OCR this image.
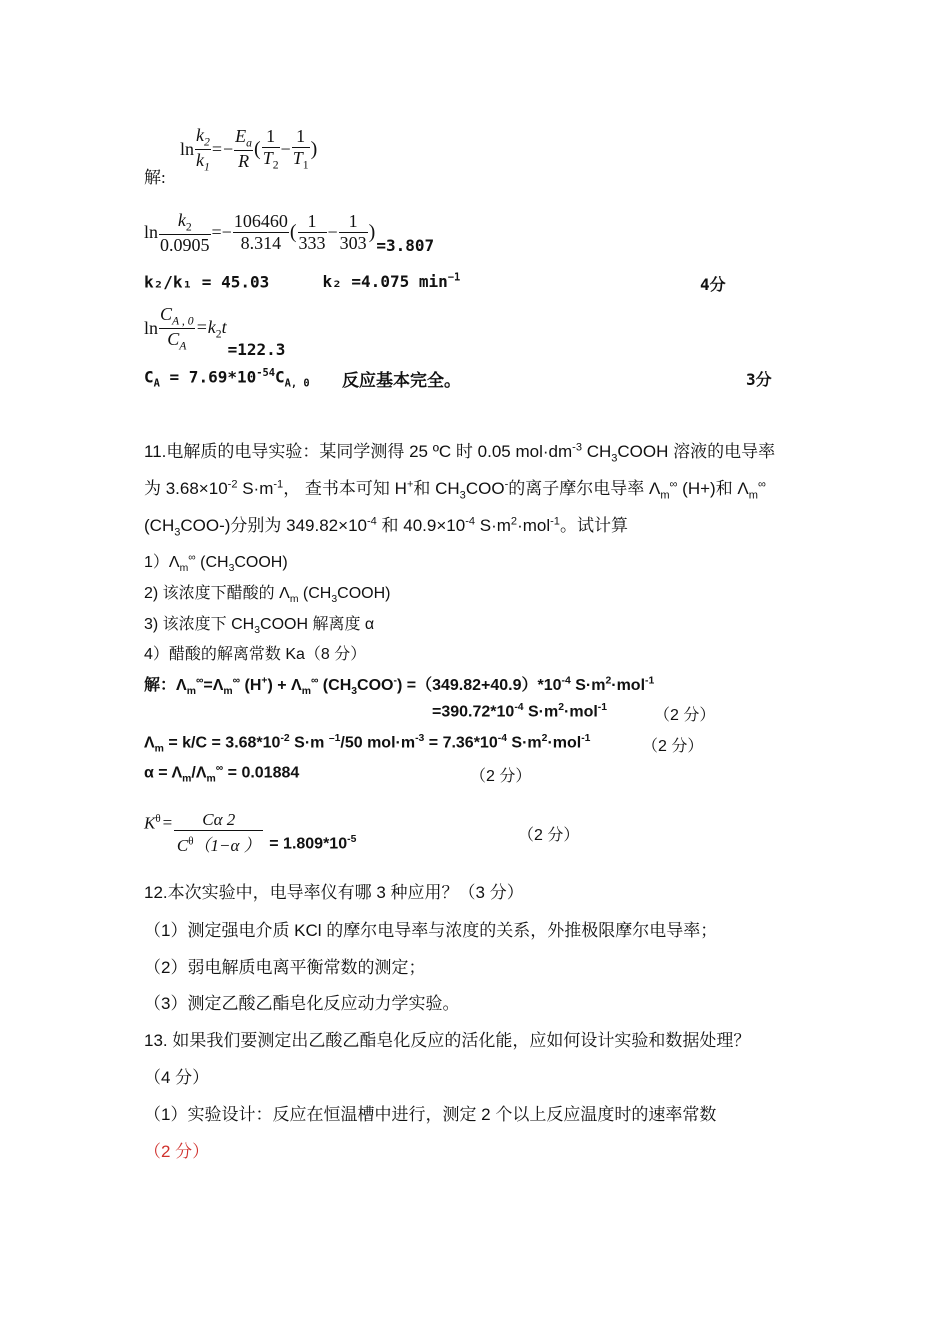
解:
$\ln \frac{k_2}{k_1}$ = − $\frac{E_a}{R}$ ( $\frac{1}{T_2} - \frac{1}{T_1}$ )
$\ln \frac{k_2}{0.0905} =- \frac{106460}{8.314}$ ( $\frac{1}{333} - \frac{1}{303}$ )
=3.807
k₂/k₁ = 45.03	k₂ =4.075 $\min^{-1}$	4分
$\ln \frac{C_{A , 0}}{C_A} =k_2t$
=122.3
$C_A = 7.69*10^{-54}C_{A, 0}$ 反应基本完全。	3分
11.电解质的电导实验：某同学测得 25 ºC 时 0.05 $mol\cdot dm^{-3}$ $CH_3COOH$ 溶液的电导率
为 $3.68\times 10^{-2}$ $S\cdot m^{-1}$， 查书本可知 H+和 $CH_3COO^-$的离子摩尔电导率 $\Lambda_m^\infty$ (H+)和 $\Lambda_m^\infty$
$(CH_3COO-)$分别为 $349.82\times 10^{-4}$ 和 $40.9\times 10^{-4}$ $S\cdot m^2\cdot mol^{-1}$。试计算
$1)\Lambda_m^\infty$ $(CH_3COOH)$
2) 该浓度下醋酸的 $\Lambda_m$ $(CH_3COOH)$
3) 该浓度下 $CH_3COOH$ 解离度 α
4）醋酸的解离常数 Ka（8 分）
解：$\Lambda_m^\infty=\Lambda_m^\infty$ $(H^+) + \Lambda_m^\infty$ $(CH_3COO^-) =(349.82+40.9)*10^{-4}$ $S\cdot m^2\cdot mol^{-1}$
$=390.72*10^{-4}$ $S\cdot m^2\cdot mol^{-1}$	（2 分）
$\Lambda_m = k/C = 3.68*10^{-2}$ S·m $^{-1}$/50 $mol\cdot m^{-3} = 7.36*10^{-4}$ $S\cdot m^2\cdot mol^{-1}$	（2 分）
$\alpha = \Lambda_m/\Lambda_m^\infty = 0.01884$	（2 分）
$K^\theta = \frac{C\alpha 2}{C^\theta(1-\alpha )} = 1.809*10^{-5}$	（2 分）
12.本次实验中，电导率仪有哪 3 种应用？（3 分）
（1）测定强电介质 KCl 的摩尔电导率与浓度的关系，外推极限摩尔电导率；
（2）弱电解质电离平衡常数的测定；
（3）测定乙酸乙酯皂化反应动力学实验。
13. 如果我们要测定出乙酸乙酯皂化反应的活化能，应如何设计实验和数据处理？
（4 分）
（1）实验设计：反应在恒温槽中进行，测定 2 个以上反应温度时的速率常数
（2 分）
